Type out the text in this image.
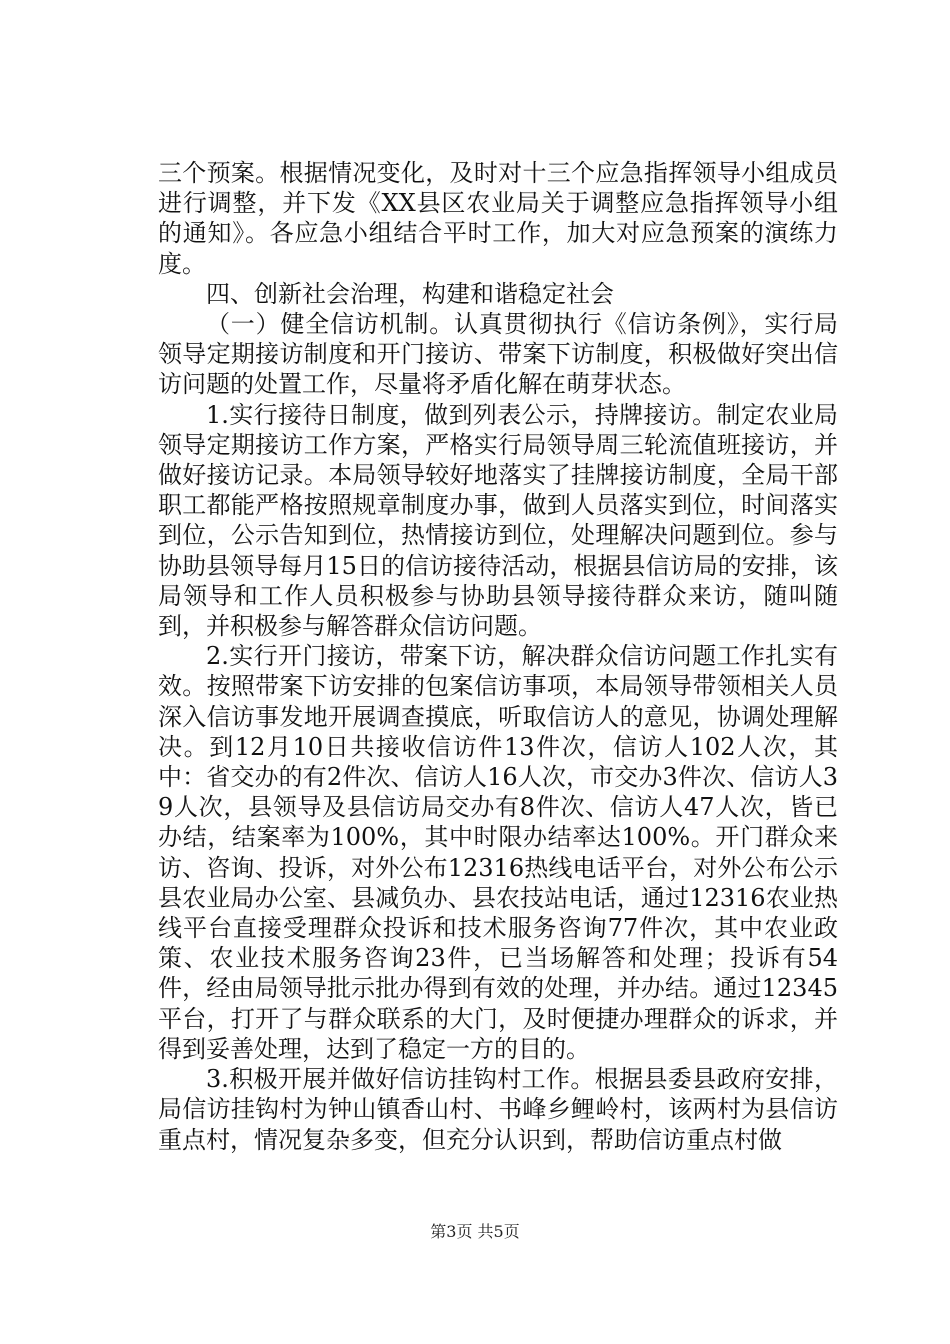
三个预案。根据情况变化，及时对十三个应急指挥领导小组成员进行调整，并下发《XX县区农业局关于调整应急指挥领导小组的通知》。各应急小组结合平时工作，加大对应急预案的演练力度。

四、创新社会治理，构建和谐稳定社会

（一）健全信访机制。认真贯彻执行《信访条例》，实行局领导定期接访制度和开门接访、带案下访制度，积极做好突出信访问题的处置工作，尽量将矛盾化解在萌芽状态。

1.实行接待日制度，做到列表公示，持牌接访。制定农业局领导定期接访工作方案，严格实行局领导周三轮流值班接访，并做好接访记录。本局领导较好地落实了挂牌接访制度，全局干部职工都能严格按照规章制度办事，做到人员落实到位，时间落实到位，公示告知到位，热情接访到位，处理解决问题到位。参与协助县领导每月15日的信访接待活动，根据县信访局的安排，该局领导和工作人员积极参与协助县领导接待群众来访，随叫随到，并积极参与解答群众信访问题。

2.实行开门接访，带案下访，解决群众信访问题工作扎实有效。按照带案下访安排的包案信访事项，本局领导带领相关人员深入信访事发地开展调查摸底，听取信访人的意见，协调处理解决。到12月10日共接收信访件13件次，信访人102人次，其中：省交办的有2件次、信访人16人次，市交办3件次、信访人39人次，县领导及县信访局交办有8件次、信访人47人次，皆已办结，结案率为100%，其中时限办结率达100%。开门群众来访、咨询、投诉，对外公布12316热线电话平台，对外公布公示县农业局办公室、县减负办、县农技站电话，通过12316农业热线平台直接受理群众投诉和技术服务咨询77件次，其中农业政策、农业技术服务咨询23件，已当场解答和处理；投诉有54件，经由局领导批示批办得到有效的处理，并办结。通过12345平台，打开了与群众联系的大门，及时便捷办理群众的诉求，并得到妥善处理，达到了稳定一方的目的。

3.积极开展并做好信访挂钩村工作。根据县委县政府安排，局信访挂钩村为钟山镇香山村、书峰乡鲤岭村，该两村为县信访重点村，情况复杂多变，但充分认识到，帮助信访重点村做

第3页 共5页
